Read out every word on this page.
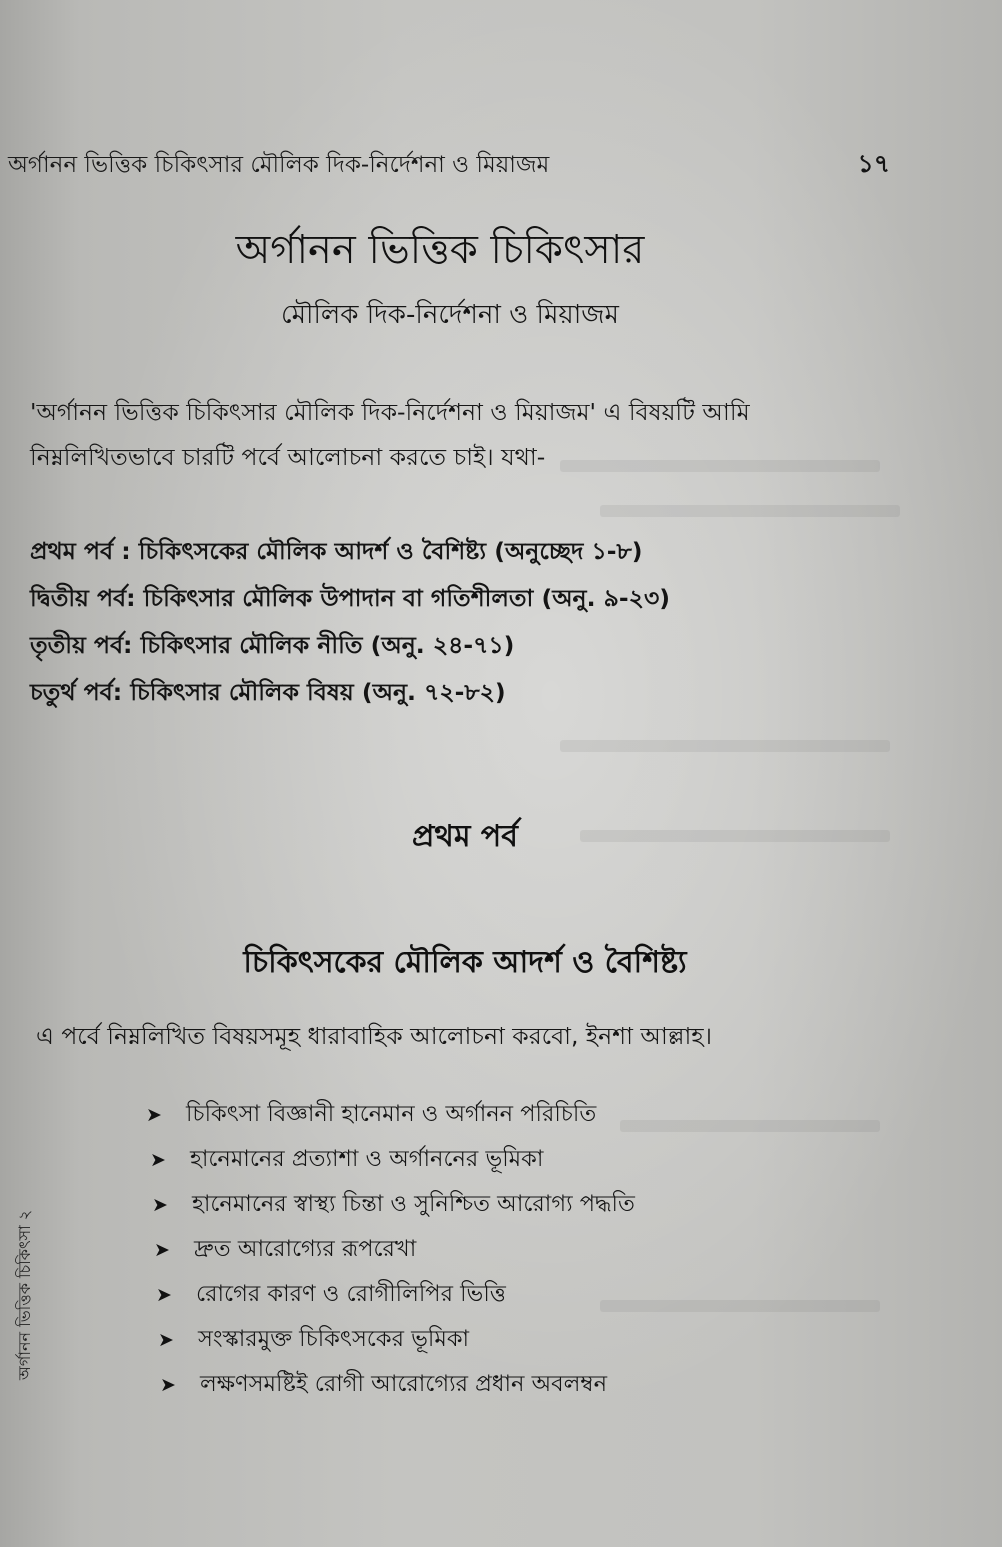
অর্গানন ভিত্তিক চিকিৎসার মৌলিক দিক-নির্দেশনা ও মিয়াজম	১৭
অর্গানন ভিত্তিক চিকিৎসার
মৌলিক দিক-নির্দেশনা ও মিয়াজম
'অর্গানন ভিত্তিক চিকিৎসার মৌলিক দিক-নির্দেশনা ও মিয়াজম' এ বিষয়টি আমি
নিম্নলিখিতভাবে চারটি পর্বে আলোচনা করতে চাই। যথা-
প্রথম পর্ব : চিকিৎসকের মৌলিক আদর্শ ও বৈশিষ্ট্য (অনুচ্ছেদ ১-৮)
দ্বিতীয় পর্ব: চিকিৎসার মৌলিক উপাদান বা গতিশীলতা (অনু. ৯-২৩)
তৃতীয় পর্ব: চিকিৎসার মৌলিক নীতি (অনু. ২৪-৭১)
চতুর্থ পর্ব: চিকিৎসার মৌলিক বিষয় (অনু. ৭২-৮২)
প্রথম পর্ব
চিকিৎসকের মৌলিক আদর্শ ও বৈশিষ্ট্য
এ পর্বে নিম্নলিখিত বিষয়সমূহ ধারাবাহিক আলোচনা করবো, ইনশা আল্লাহ।
➤	চিকিৎসা বিজ্ঞানী হানেমান ও অর্গানন পরিচিতি
➤	হানেমানের প্রত্যাশা ও অর্গাননের ভূমিকা
➤	হানেমানের স্বাস্থ্য চিন্তা ও সুনিশ্চিত আরোগ্য পদ্ধতি
➤	দ্রুত আরোগ্যের রূপরেখা
➤	রোগের কারণ ও রোগীলিপির ভিত্তি
➤	সংস্কারমুক্ত চিকিৎসকের ভূমিকা
➤	লক্ষণসমষ্টিই রোগী আরোগ্যের প্রধান অবলম্বন
অর্গানন ভিত্তিক চিকিৎসা ২
